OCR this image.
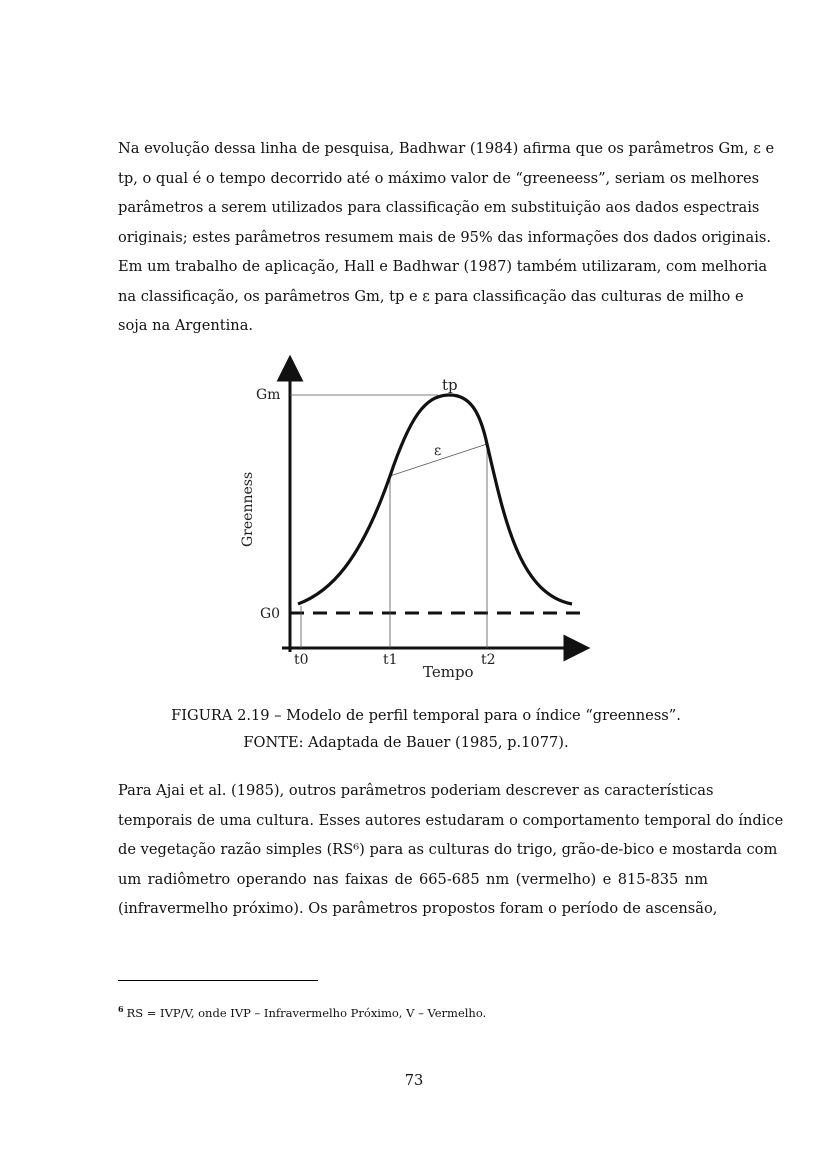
Na evolução dessa linha de pesquisa, Badhwar (1984) afirma que os parâmetros Gm, ε e
tp, o qual é o tempo decorrido até o máximo valor de “greeneess”, seriam os melhores
parâmetros a serem utilizados para classificação em substituição aos dados espectrais
originais; estes parâmetros resumem mais de 95% das informações dos dados originais.
Em um trabalho de aplicação, Hall e Badhwar (1987) também utilizaram, com melhoria
na classificação, os parâmetros Gm, tp e ε para classificação das culturas de milho e
soja na Argentina.
Gm
G0
tp
ε
Greenness
Tempo
t0	t1	t2

FIGURA 2.19 – Modelo de perfil temporal para o índice “greenness”.

FONTE: Adaptada de Bauer (1985, p.1077).

Para Ajai et al. (1985), outros parâmetros poderiam descrever as características
temporais de uma cultura. Esses autores estudaram o comportamento temporal do índice
de vegetação razão simples (RS⁶) para as culturas do trigo, grão-de-bico e mostarda com
um radiômetro operando nas faixas de 665-685 nm (vermelho) e 815-835 nm
(infravermelho próximo). Os parâmetros propostos foram o período de ascensão,

$^6$ RS = IVP/V, onde IVP – Infravermelho Próximo, V – Vermelho.

73
